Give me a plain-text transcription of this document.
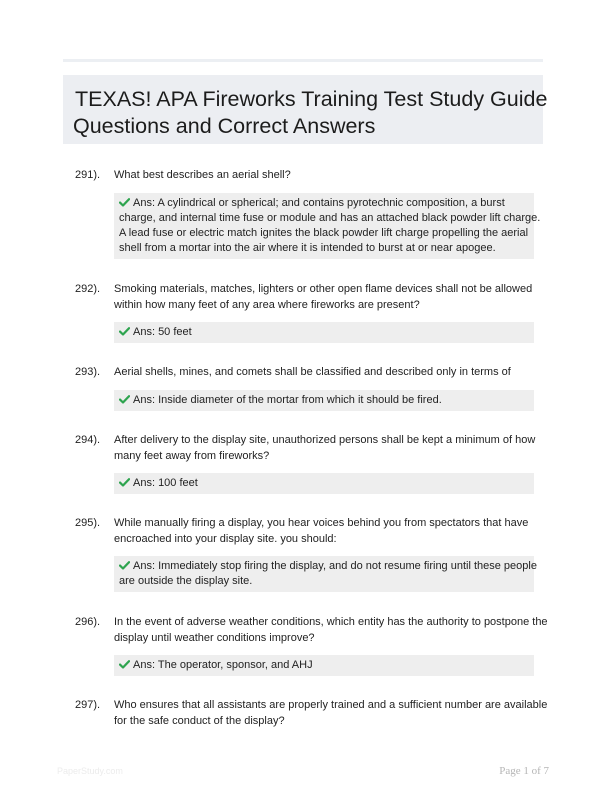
TEXAS! APA Fireworks Training Test Study Guide
Questions and Correct Answers
291). What best describes an aerial shell?
Ans: A cylindrical or spherical; and contains pyrotechnic composition, a burst
charge, and internal time fuse or module and has an attached black powder lift charge.
A lead fuse or electric match ignites the black powder lift charge propelling the aerial
shell from a mortar into the air where it is intended to burst at or near apogee.
292). Smoking materials, matches, lighters or other open flame devices shall not be allowed
within how many feet of any area where fireworks are present?
Ans: 50 feet
293). Aerial shells, mines, and comets shall be classified and described only in terms of
Ans: Inside diameter of the mortar from which it should be fired.
294). After delivery to the display site, unauthorized persons shall be kept a minimum of how
many feet away from fireworks?
Ans: 100 feet
295). While manually firing a display, you hear voices behind you from spectators that have
encroached into your display site. you should:
Ans: Immediately stop firing the display, and do not resume firing until these people
are outside the display site.
296). In the event of adverse weather conditions, which entity has the authority to postpone the
display until weather conditions improve?
Ans: The operator, sponsor, and AHJ
297). Who ensures that all assistants are properly trained and a sufficient number are available
for the safe conduct of the display?
PaperStudy.com	Page 1 of 7
